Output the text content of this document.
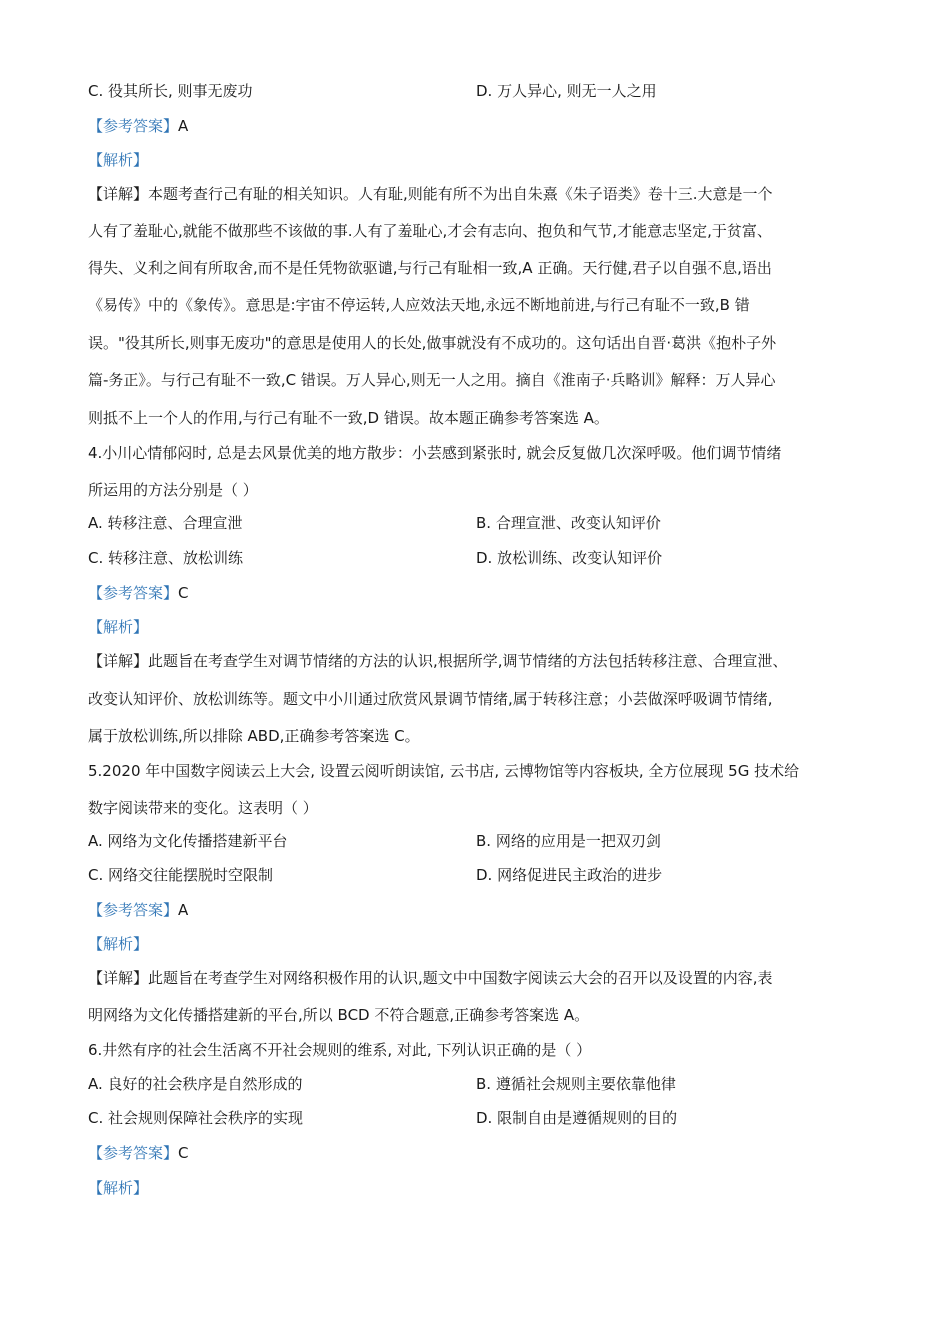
C. 役其所长, 则事无废功	D. 万人异心, 则无一人之用
【参考答案】A
【解析】
【详解】本题考查行己有耻的相关知识。人有耻,则能有所不为出自朱熹《朱子语类》卷十三.大意是一个
人有了羞耻心,就能不做那些不该做的事.人有了羞耻心,才会有志向、抱负和气节,才能意志坚定,于贫富、
得失、义利之间有所取舍,而不是任凭物欲驱谴,与行己有耻相一致,A 正确。天行健,君子以自强不息,语出
《易传》中的《象传》。意思是:宇宙不停运转,人应效法天地,永远不断地前进,与行己有耻不一致,B 错
误。"役其所长,则事无废功"的意思是使用人的长处,做事就没有不成功的。这句话出自晋·葛洪《抱朴子外
篇-务正》。与行己有耻不一致,C 错误。万人异心,则无一人之用。摘自《淮南子·兵略训》解释：万人异心
则抵不上一个人的作用,与行己有耻不一致,D 错误。故本题正确参考答案选 A。
4.小川心情郁闷时, 总是去风景优美的地方散步：小芸感到紧张时, 就会反复做几次深呼吸。他们调节情绪
所运用的方法分别是（ ）
A. 转移注意、合理宣泄	B. 合理宣泄、改变认知评价
C. 转移注意、放松训练	D. 放松训练、改变认知评价
【参考答案】C
【解析】
【详解】此题旨在考查学生对调节情绪的方法的认识,根据所学,调节情绪的方法包括转移注意、合理宣泄、
改变认知评价、放松训练等。题文中小川通过欣赏风景调节情绪,属于转移注意；小芸做深呼吸调节情绪,
属于放松训练,所以排除 ABD,正确参考答案选 C。
5.2020 年中国数字阅读云上大会, 设置云阅听朗读馆, 云书店, 云博物馆等内容板块, 全方位展现 5G 技术给
数字阅读带来的变化。这表明（ ）
A. 网络为文化传播搭建新平台	B. 网络的应用是一把双刃剑
C. 网络交往能摆脱时空限制	D. 网络促进民主政治的进步
【参考答案】A
【解析】
【详解】此题旨在考查学生对网络积极作用的认识,题文中中国数字阅读云大会的召开以及设置的内容,表
明网络为文化传播搭建新的平台,所以 BCD 不符合题意,正确参考答案选 A。
6.井然有序的社会生活离不开社会规则的维系, 对此, 下列认识正确的是（ ）
A. 良好的社会秩序是自然形成的	B. 遵循社会规则主要依靠他律
C. 社会规则保障社会秩序的实现	D. 限制自由是遵循规则的目的
【参考答案】C
【解析】
